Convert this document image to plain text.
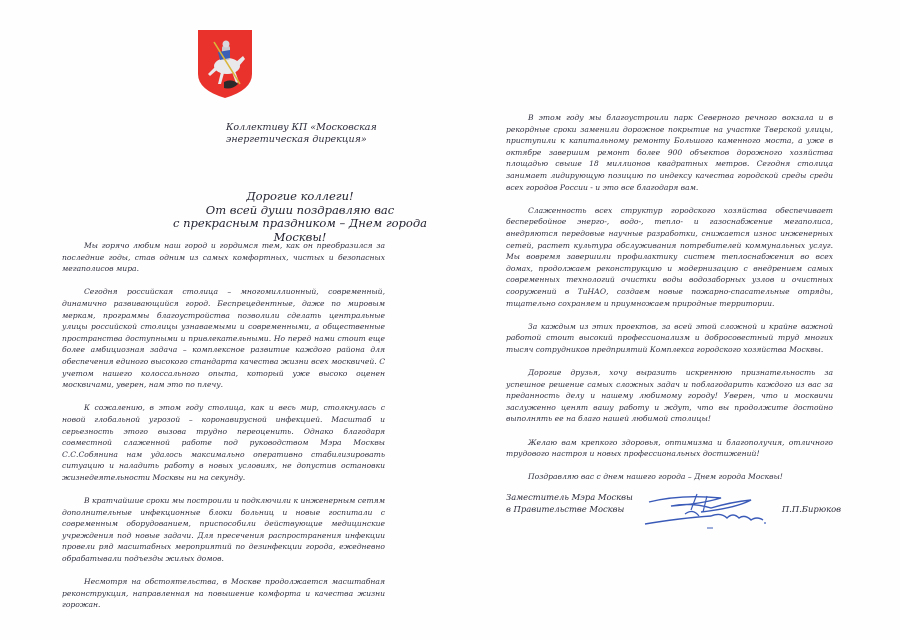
Коллективу КП «Московская
энергетическая дирекция»
Дорогие коллеги!
От всей души поздравляю вас
с прекрасным праздником – Днем города Москвы!

Мы горячо любим наш город и гордимся тем, как он преобразился за последние годы, став одним из самых комфортных, чистых и безопасных мегаполисов мира.

Сегодня российская столица – многомиллионный, современный, динамично развивающийся город. Беспрецедентные, даже по мировым меркам, программы благоустройства позволили сделать центральные улицы российской столицы узнаваемыми и современными, а общественные пространства доступными и привлекательными. Но перед нами стоит еще более амбициозная задача – комплексное развитие каждого района для обеспечения единого высокого стандарта качества жизни всех москвичей. С учетом нашего колоссального опыта, который уже высоко оценен москвичами, уверен, нам это по плечу.

К сожалению, в этом году столица, как и весь мир, столкнулась с новой глобальной угрозой – коронавирусной инфекцией. Масштаб и серьезность этого вызова трудно переоценить. Однако благодаря совместной слаженной работе под руководством Мэра Москвы С.С.Собянина нам удалось максимально оперативно стабилизировать ситуацию и наладить работу в новых условиях, не допустив остановки жизнедеятельности Москвы ни на секунду.

В кратчайшие сроки мы построили и подключили к инженерным сетям дополнительные инфекционные блоки больниц и новые госпитали с современным оборудованием, приспособили действующие медицинские учреждения под новые задачи. Для пресечения распространения инфекции провели ряд масштабных мероприятий по дезинфекции города, ежедневно обрабатывали подъезды жилых домов.

Несмотря на обстоятельства, в Москве продолжается масштабная реконструкция, направленная на повышение комфорта и качества жизни горожан.

В этом году мы благоустроили парк Северного речного вокзала и в рекордные сроки заменили дорожное покрытие на участке Тверской улицы, приступили к капитальному ремонту Большого каменного моста, а уже в октябре завершим ремонт более 900 объектов дорожного хозяйства площадью свыше 18 миллионов квадратных метров. Сегодня столица занимает лидирующую позицию по индексу качества городской среды среди всех городов России - и это все благодаря вам.

Слаженность всех структур городского хозяйства обеспечивает бесперебойное энерго-, водо-, тепло- и газоснабжение мегаполиса, внедряются передовые научные разработки, снижается износ инженерных сетей, растет культура обслуживания потребителей коммунальных услуг. Мы вовремя завершили профилактику систем теплоснабжения во всех домах, продолжаем реконструкцию и модернизацию с внедрением самых современных технологий очистки воды водозаборных узлов и очистных сооружений в ТиНАО, создаем новые пожарно-спасательные отряды, тщательно сохраняем и приумножаем природные территории.

За каждым из этих проектов, за всей этой сложной и крайне важной работой стоит высокий профессионализм и добросовестный труд многих тысяч сотрудников предприятий Комплекса городского хозяйства Москвы.

Дорогие друзья, хочу выразить искреннюю признательность за успешное решение самых сложных задач и поблагодарить каждого из вас за преданность делу и нашему любимому городу! Уверен, что и москвичи заслуженно ценят вашу работу и ждут, что вы продолжите достойно выполнять ее на благо нашей любимой столицы!

Желаю вам крепкого здоровья, оптимизма и благополучия, отличного трудового настроя и новых профессиональных достижений!

Поздравляю вас с днем нашего города – Днем города Москвы!

Заместитель Мэра Москвы
в Правительстве Москвы	П.П.Бирюков
